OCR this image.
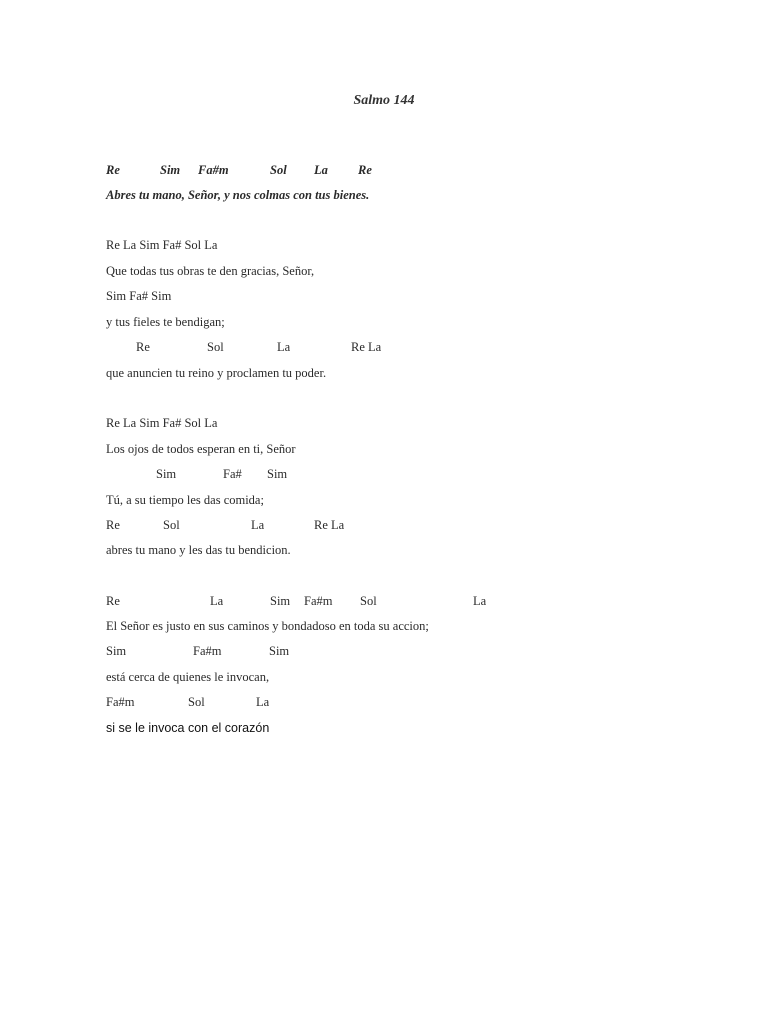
Salmo 144
Re	Sim Fa#m	Sol La Re
Abres tu mano, Señor, y nos colmas con tus bienes.
Re La Sim Fa# Sol La
Que todas tus obras te den gracias, Señor,
Sim Fa# Sim
y tus fieles te bendigan;
Re	Sol	La	Re La
que anuncien tu reino y proclamen tu poder.
Re La Sim Fa# Sol La
Los ojos de todos esperan en ti, Señor
Sim	Fa# Sim
Tú, a su tiempo les das comida;
Re	Sol	La	Re La
abres tu mano y les das tu bendicion.
Re	La	Sim Fa#m Sol	La
El Señor es justo en sus caminos y bondadoso en toda su accion;
Sim	Fa#m	Sim
está cerca de quienes le invocan,
Fa#m	Sol	La
si se le invoca con el corazón
